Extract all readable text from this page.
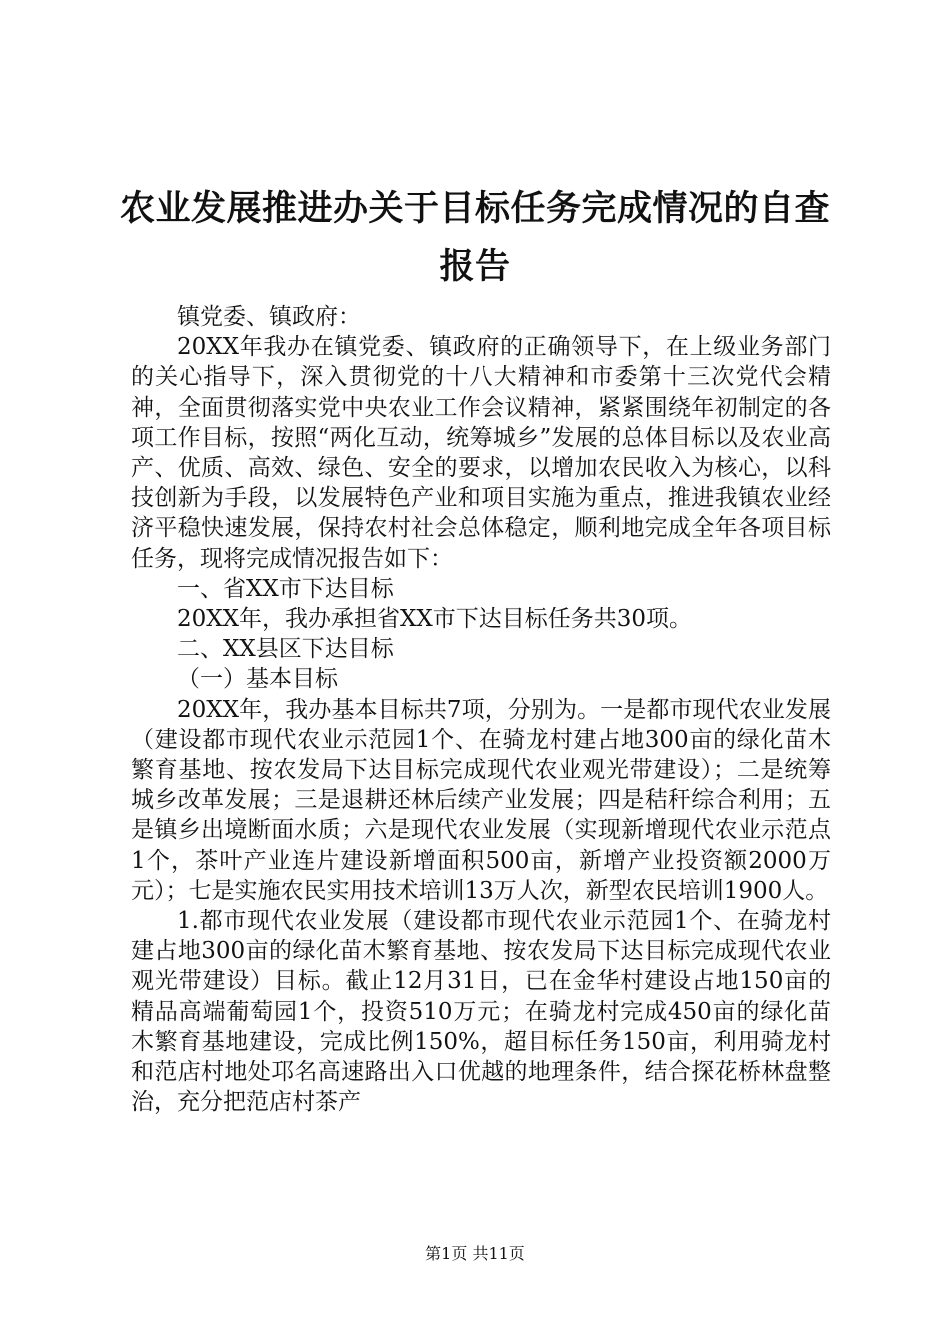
农业发展推进办关于目标任务完成情况的自查报告

镇党委、镇政府：

20XX年我办在镇党委、镇政府的正确领导下，在上级业务部门的关心指导下，深入贯彻党的十八大精神和市委第十三次党代会精神，全面贯彻落实党中央农业工作会议精神，紧紧围绕年初制定的各项工作目标，按照“两化互动，统筹城乡”发展的总体目标以及农业高产、优质、高效、绿色、安全的要求，以增加农民收入为核心，以科技创新为手段，以发展特色产业和项目实施为重点，推进我镇农业经济平稳快速发展，保持农村社会总体稳定，顺利地完成全年各项目标任务，现将完成情况报告如下：

一、省XX市下达目标

20XX年，我办承担省XX市下达目标任务共30项。

二、XX县区下达目标

（一）基本目标

20XX年，我办基本目标共7项，分别为。一是都市现代农业发展（建设都市现代农业示范园1个、在骑龙村建占地300亩的绿化苗木繁育基地、按农发局下达目标完成现代农业观光带建设）；二是统筹城乡改革发展；三是退耕还林后续产业发展；四是秸秆综合利用；五是镇乡出境断面水质；六是现代农业发展（实现新增现代农业示范点1个，茶叶产业连片建设新增面积500亩，新增产业投资额2000万元）；七是实施农民实用技术培训13万人次，新型农民培训1900人。

1.都市现代农业发展（建设都市现代农业示范园1个、在骑龙村建占地300亩的绿化苗木繁育基地、按农发局下达目标完成现代农业观光带建设）目标。截止12月31日，已在金华村建设占地150亩的精品高端葡萄园1个，投资510万元；在骑龙村完成450亩的绿化苗木繁育基地建设，完成比例150%，超目标任务150亩，利用骑龙村和范店村地处邛名高速路出入口优越的地理条件，结合探花桥林盘整治，充分把范店村茶产

第1页 共11页
